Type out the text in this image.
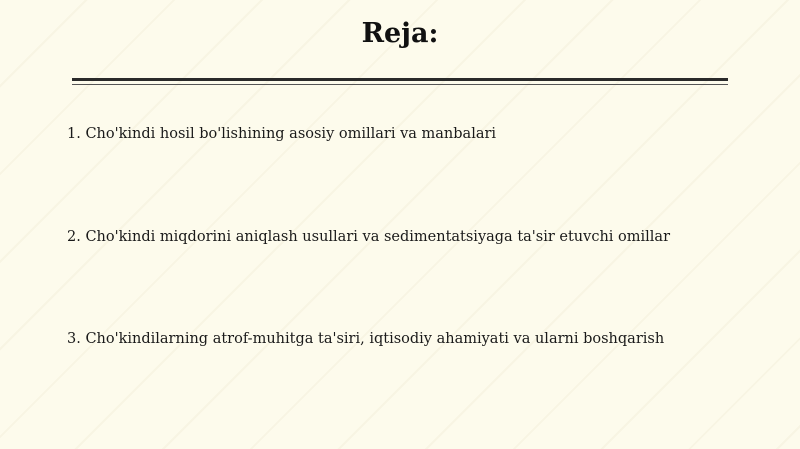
Reja:
1. Cho'kindi hosil bo'lishining asosiy omillari va manbalari
2. Cho'kindi miqdorini aniqlash usullari va sedimentatsiyaga ta'sir etuvchi omillar
3. Cho'kindilarning atrof-muhitga ta'siri, iqtisodiy ahamiyati va ularni boshqarish
